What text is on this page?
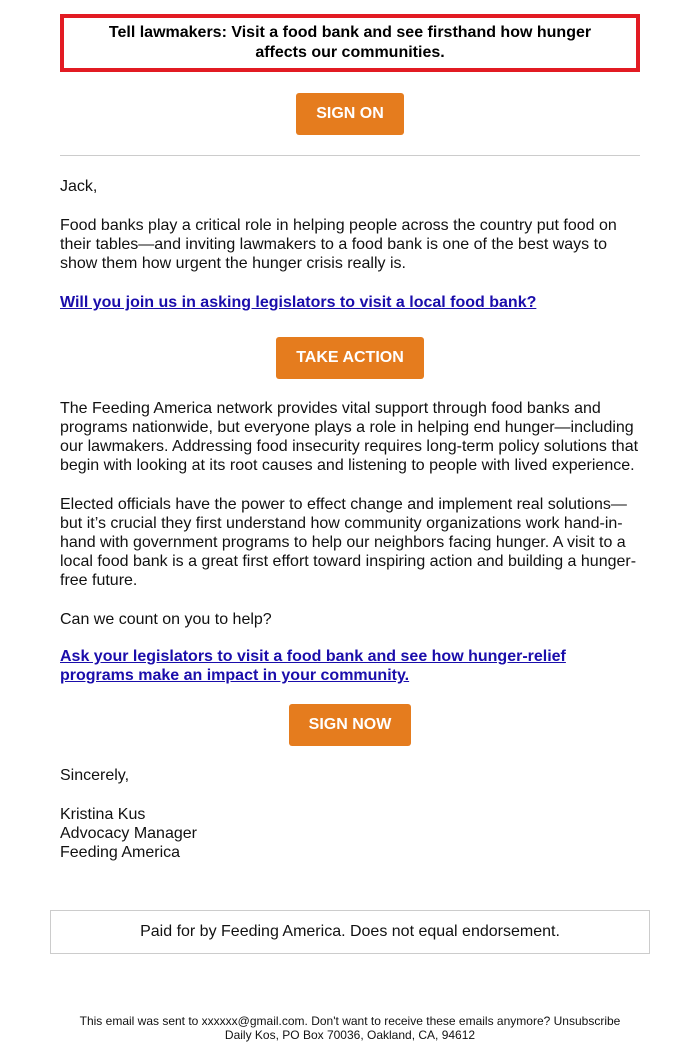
Tell lawmakers: Visit a food bank and see firsthand how hunger affects our communities.
SIGN ON

Jack,

Food banks play a critical role in helping people across the country put food on their tables—and inviting lawmakers to a food bank is one of the best ways to show them how urgent the hunger crisis really is.

Will you join us in asking legislators to visit a local food bank?

TAKE ACTION

The Feeding America network provides vital support through food banks and programs nationwide, but everyone plays a role in helping end hunger—including our lawmakers. Addressing food insecurity requires long-term policy solutions that begin with looking at its root causes and listening to people with lived experience.

Elected officials have the power to effect change and implement real solutions—but it’s crucial they first understand how community organizations work hand-in-hand with government programs to help our neighbors facing hunger. A visit to a local food bank is a great first effort toward inspiring action and building a hunger-free future.

Can we count on you to help?

Ask your legislators to visit a food bank and see how hunger-relief programs make an impact in your community.

SIGN NOW

Sincerely,

Kristina Kus
Advocacy Manager
Feeding America
Paid for by Feeding America. Does not equal endorsement.
This email was sent to xxxxxx@gmail.com. Don't want to receive these emails anymore? Unsubscribe
Daily Kos, PO Box 70036, Oakland, CA, 94612
